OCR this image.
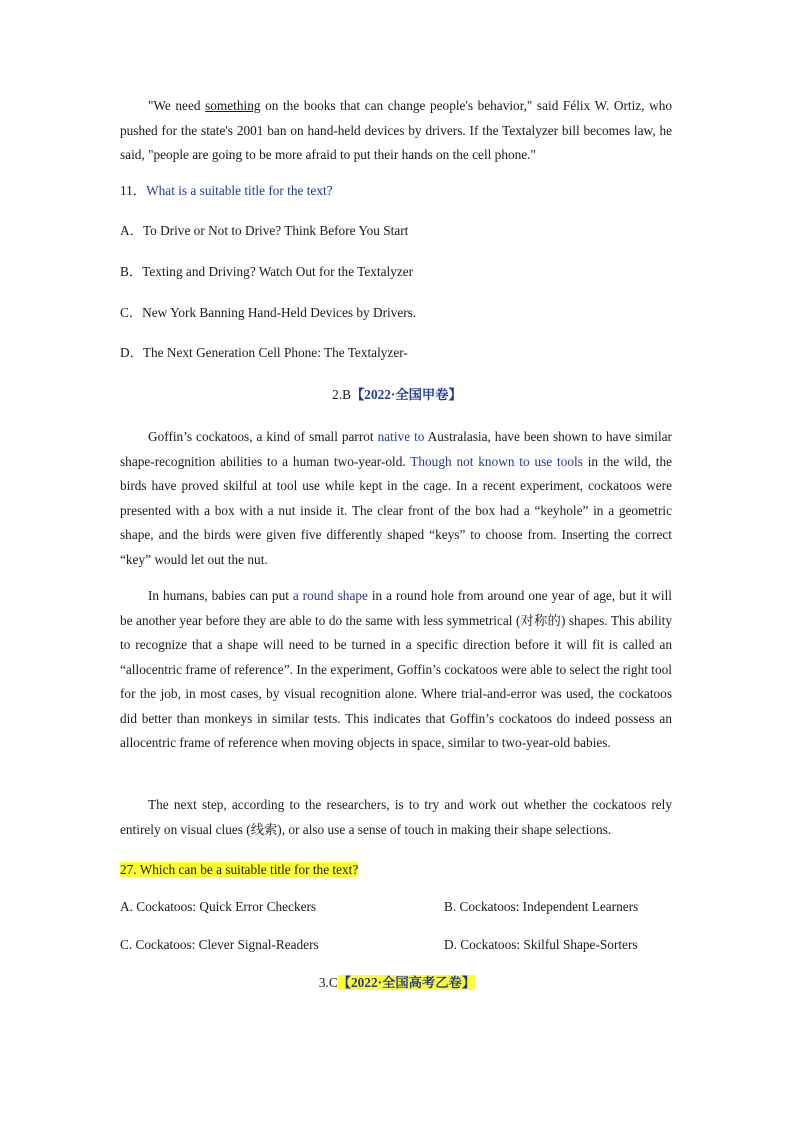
"We need something on the books that can change people's behavior," said Félix W. Ortiz, who pushed for the state's 2001 ban on hand-held devices by drivers. If the Textalyzer bill becomes law, he said, "people are going to be more afraid to put their hands on the cell phone."

11．What is a suitable title for the text?

A．To Drive or Not to Drive? Think Before You Start

B．Texting and Driving? Watch Out for the Textalyzer

C．New York Banning Hand-Held Devices by Drivers.

D．The Next Generation Cell Phone: The Textalyzer-

2.B【2022·全国甲卷】

Goffin’s cockatoos, a kind of small parrot native to Australasia, have been shown to have similar shape-recognition abilities to a human two-year-old. Though not known to use tools in the wild, the birds have proved skilful at tool use while kept in the cage. In a recent experiment, cockatoos were presented with a box with a nut inside it. The clear front of the box had a “keyhole” in a geometric shape, and the birds were given five differently shaped “keys” to choose from. Inserting the correct “key” would let out the nut.

In humans, babies can put a round shape in a round hole from around one year of age, but it will be another year before they are able to do the same with less symmetrical (对称的) shapes. This ability to recognize that a shape will need to be turned in a specific direction before it will fit is called an “allocentric frame of reference”. In the experiment, Goffin’s cockatoos were able to select the right tool for the job, in most cases, by visual recognition alone. Where trial-and-error was used, the cockatoos did better than monkeys in similar tests. This indicates that Goffin’s cockatoos do indeed possess an allocentric frame of reference when moving objects in space, similar to two-year-old babies.

The next step, according to the researchers, is to try and work out whether the cockatoos rely entirely on visual clues (线索), or also use a sense of touch in making their shape selections.

27. Which can be a suitable title for the text?

A. Cockatoos: Quick Error Checkers	B. Cockatoos: Independent Learners

C. Cockatoos: Clever Signal-Readers	D. Cockatoos: Skilful Shape-Sorters

3.C【2022·全国高考乙卷】
